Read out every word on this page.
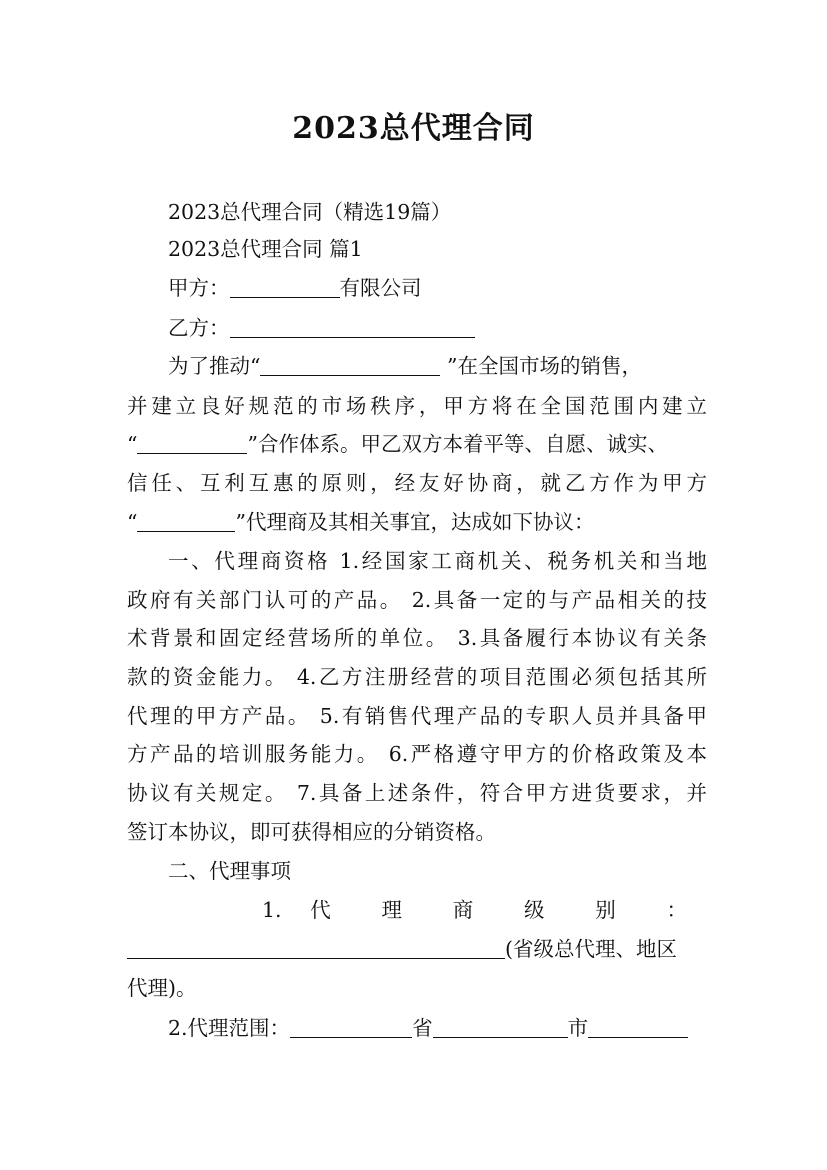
2023总代理合同
2023总代理合同（精选19篇）
2023总代理合同 篇1
甲方：	有限公司
乙方：
为了推动“	”在全国市场的销售，
并建立良好规范的市场秩序，甲方将在全国范围内建立
“	”合作体系。甲乙双方本着平等、自愿、诚实、
信任、互利互惠的原则，经友好协商，就乙方作为甲方
“	”代理商及其相关事宜，达成如下协议：
一、代理商资格 1.经国家工商机关、税务机关和当地
政府有关部门认可的产品。 2.具备一定的与产品相关的技
术背景和固定经营场所的单位。 3.具备履行本协议有关条
款的资金能力。 4.乙方注册经营的项目范围必须包括其所
代理的甲方产品。 5.有销售代理产品的专职人员并具备甲
方产品的培训服务能力。 6.严格遵守甲方的价格政策及本
协议有关规定。 7.具备上述条件，符合甲方进货要求，并
签订本协议，即可获得相应的分销资格。
二、代理事项
1. 代 理 商 级 别 ：
(省级总代理、地区
代理)。
2.代理范围：	省	市
